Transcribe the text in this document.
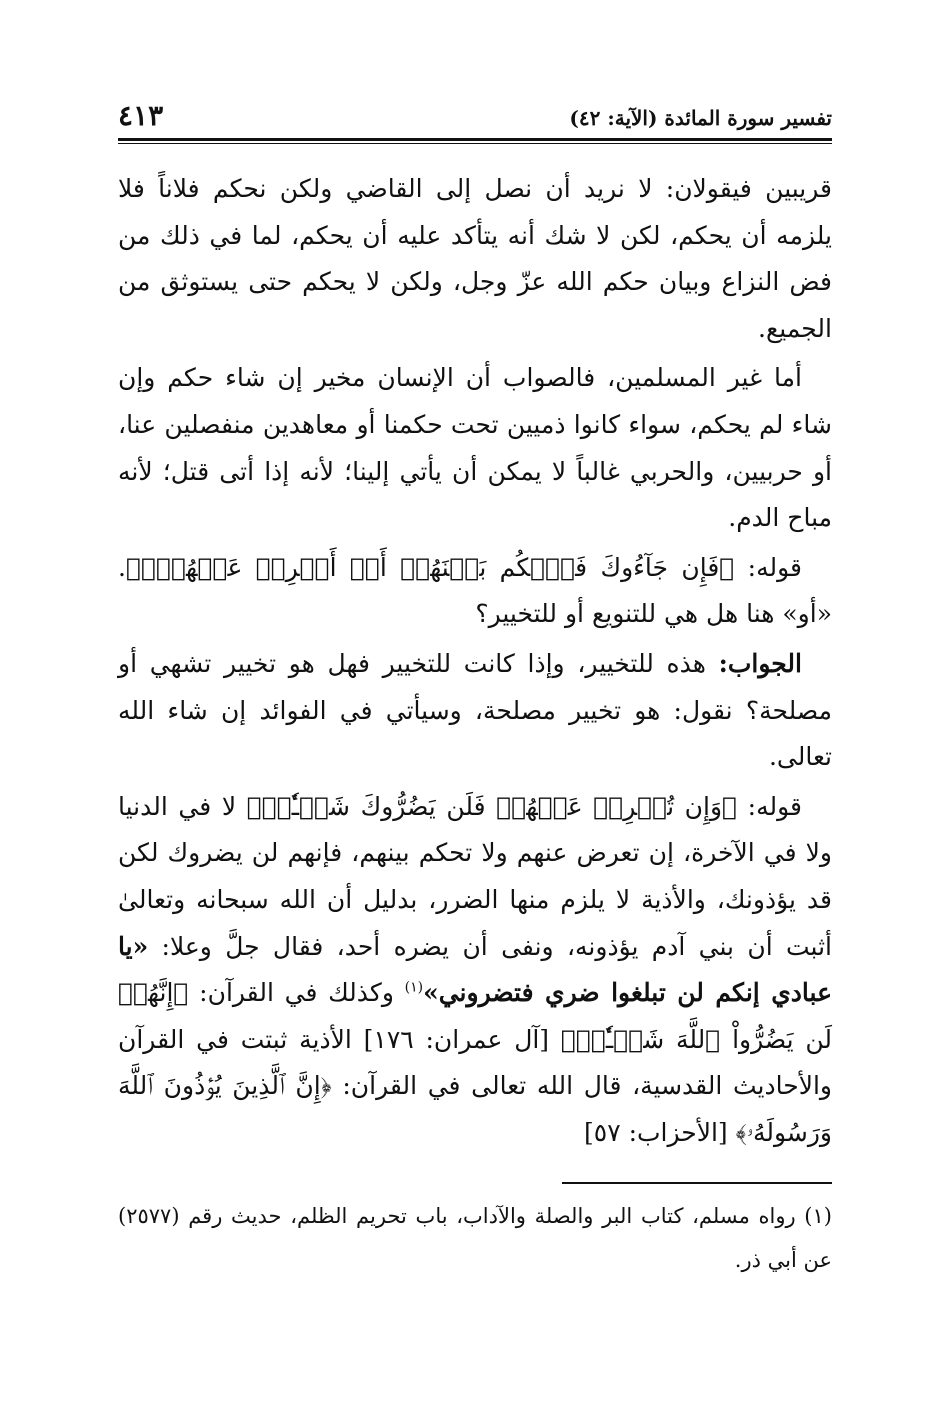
تفسير سورة المائدة (الآية: ٤٢)
٤١٣

قريبين فيقولان: لا نريد أن نصل إلى القاضي ولكن نحكم فلاناً فلا يلزمه أن يحكم، لكن لا شك أنه يتأكد عليه أن يحكم، لما في ذلك من فض النزاع وبيان حكم الله عزّ وجل، ولكن لا يحكم حتى يستوثق من الجميع.

أما غير المسلمين، فالصواب أن الإنسان مخير إن شاء حكم وإن شاء لم يحكم، سواء كانوا ذميين تحت حكمنا أو معاهدين منفصلين عنا، أو حربيين، والحربي غالباً لا يمكن أن يأتي إلينا؛ لأنه إذا أتى قتل؛ لأنه مباح الدم.

قوله: ﴿فَإِن جَآءُوكَ فَٱحۡكُم بَيۡنَهُمۡ أَوۡ أَعۡرِضۡ عَنۡهُمۡۖ﴾. «أو» هنا هل هي للتنويع أو للتخيير؟

الجواب: هذه للتخيير، وإذا كانت للتخيير فهل هو تخيير تشهي أو مصلحة؟ نقول: هو تخيير مصلحة، وسيأتي في الفوائد إن شاء الله تعالى.

قوله: ﴿وَإِن تُعۡرِضۡ عَنۡهُمۡ فَلَن يَضُرُّوكَ شَيۡـٔٗاۖ﴾ لا في الدنيا ولا في الآخرة، إن تعرض عنهم ولا تحكم بينهم، فإنهم لن يضروك لكن قد يؤذونك، والأذية لا يلزم منها الضرر، بدليل أن الله سبحانه وتعالىٰ أثبت أن بني آدم يؤذونه، ونفى أن يضره أحد، فقال جلَّ وعلا: «يا عبادي إنكم لن تبلغوا ضري فتضروني»$^{(١)}$ وكذلك في القرآن: ﴿إِنَّهُمۡ لَن يَضُرُّواْ ٱللَّهَ شَيۡـٔٗاۗ﴾ [آل عمران: ١٧٦] الأذية ثبتت في القرآن والأحاديث القدسية، قال الله تعالى في القرآن: ﴿إِنَّ ٱلَّذِينَ يُؤۡذُونَ ٱللَّهَ وَرَسُولَهُۥ﴾ [الأحزاب: ٥٧]

(١) رواه مسلم، كتاب البر والصلة والآداب، باب تحريم الظلم، حديث رقم (٢٥٧٧) عن أبي ذر.
